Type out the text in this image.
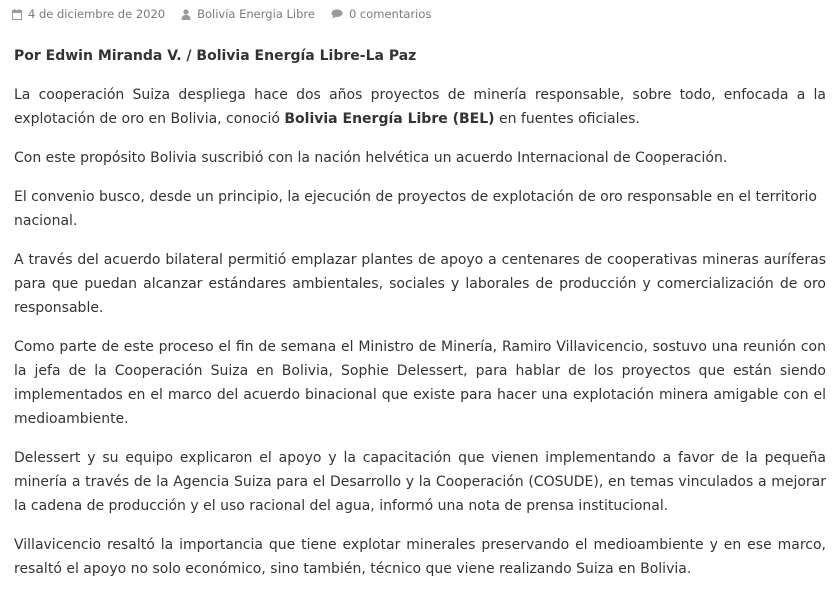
4 de diciembre de 2020	Bolivia Energia Libre	0 comentarios

Por Edwin Miranda V. / Bolivia Energía Libre-La Paz

La cooperación Suiza despliega hace dos años proyectos de minería responsable, sobre todo, enfocada a la explotación de oro en Bolivia, conoció Bolivia Energía Libre (BEL) en fuentes oficiales.

Con este propósito Bolivia suscribió con la nación helvética un acuerdo Internacional de Cooperación.

El convenio busco, desde un principio, la ejecución de proyectos de explotación de oro responsable en el territorio nacional.

A través del acuerdo bilateral permitió emplazar plantes de apoyo a centenares de cooperativas mineras auríferas para que puedan alcanzar estándares ambientales, sociales y laborales de producción y comercialización de oro responsable.

Como parte de este proceso el fin de semana el Ministro de Minería, Ramiro Villavicencio, sostuvo una reunión con la jefa de la Cooperación Suiza en Bolivia, Sophie Delessert, para hablar de los proyectos que están siendo implementados en el marco del acuerdo binacional que existe para hacer una explotación minera amigable con el medioambiente.

Delessert y su equipo explicaron el apoyo y la capacitación que vienen implementando a favor de la pequeña minería a través de la Agencia Suiza para el Desarrollo y la Cooperación (COSUDE), en temas vinculados a mejorar la cadena de producción y el uso racional del agua, informó una nota de prensa institucional.

Villavicencio resaltó la importancia que tiene explotar minerales preservando el medioambiente y en ese marco, resaltó el apoyo no solo económico, sino también, técnico que viene realizando Suiza en Bolivia.
